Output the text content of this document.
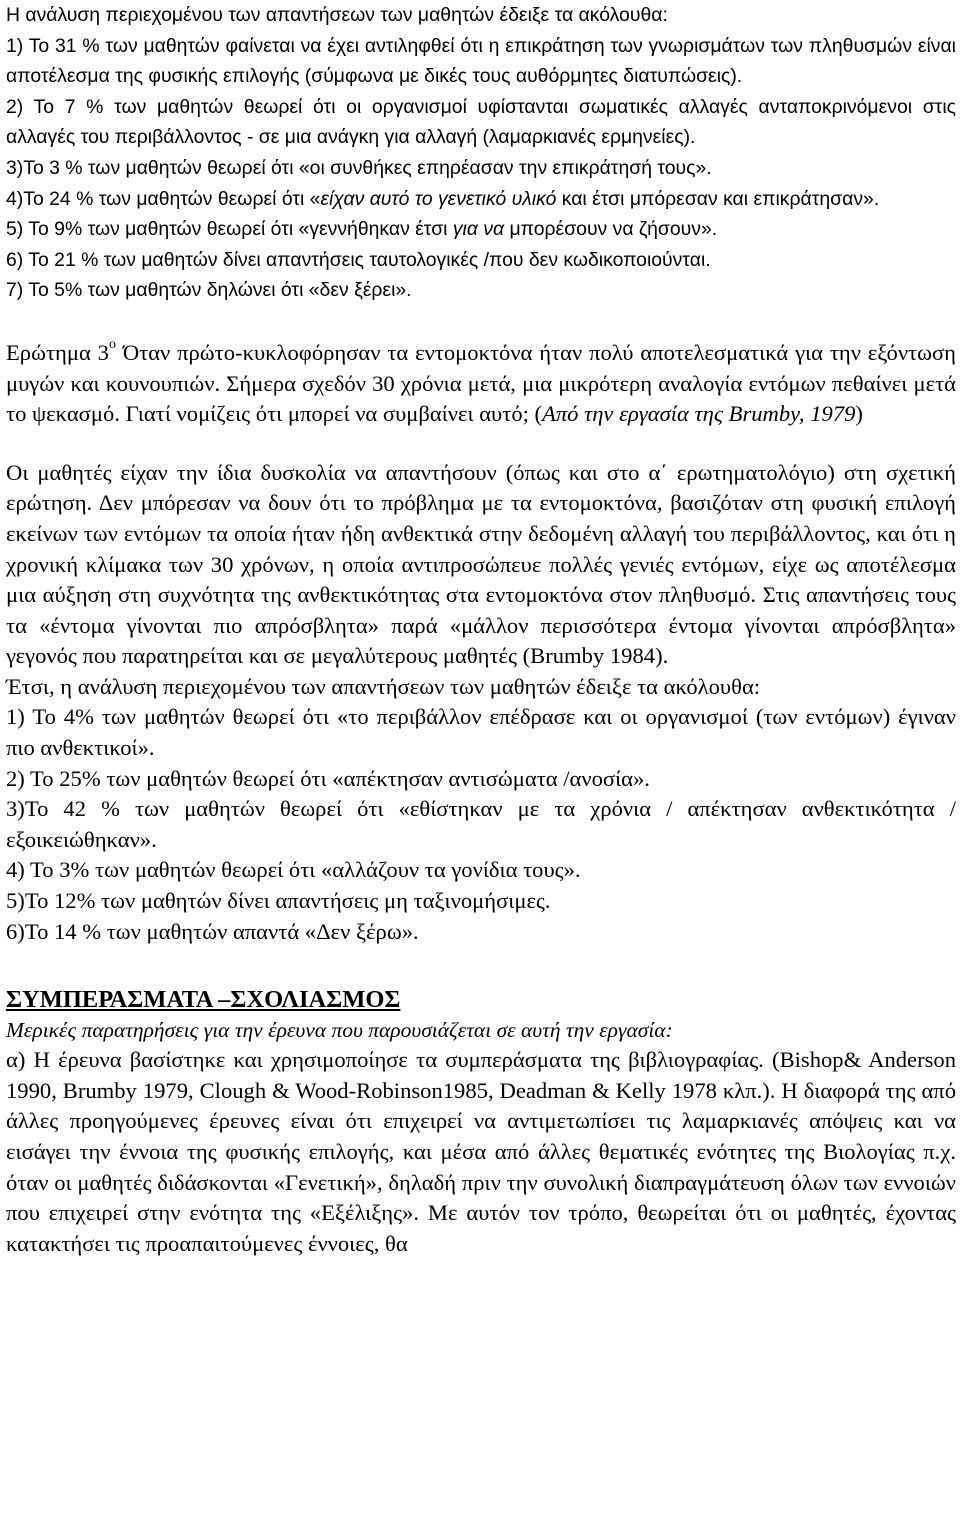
Η ανάλυση περιεχομένου των απαντήσεων των μαθητών έδειξε τα ακόλουθα:

1) Το 31 % των μαθητών φαίνεται να έχει αντιληφθεί ότι η επικράτηση των γνωρισμάτων των πληθυσμών είναι αποτέλεσμα της φυσικής επιλογής (σύμφωνα με δικές τους αυθόρμητες διατυπώσεις).

2) Το 7 % των μαθητών θεωρεί ότι οι οργανισμοί υφίστανται σωματικές αλλαγές ανταποκρινόμενοι στις αλλαγές του περιβάλλοντος - σε μια ανάγκη για αλλαγή (λαμαρκιανές ερμηνείες).

3)Το 3 % των μαθητών θεωρεί ότι «οι συνθήκες επηρέασαν την επικράτησή τους».

4)Το 24 % των μαθητών θεωρεί ότι «είχαν αυτό το γενετικό υλικό και έτσι μπόρεσαν και επικράτησαν».

5) Το 9% των μαθητών θεωρεί ότι «γεννήθηκαν έτσι για να μπορέσουν να ζήσουν».

6) Το 21 % των μαθητών δίνει απαντήσεις ταυτολογικές /που δεν κωδικοποιούνται.

7) Το 5% των μαθητών δηλώνει ότι «δεν ξέρει».

Ερώτημα $3^o$ Όταν πρώτο-κυκλοφόρησαν τα εντομοκτόνα ήταν πολύ αποτελεσματικά για την εξόντωση μυγών και κουνουπιών. Σήμερα σχεδόν 30 χρόνια μετά, μια μικρότερη αναλογία εντόμων πεθαίνει μετά το ψεκασμό. Γιατί νομίζεις ότι μπορεί να συμβαίνει αυτό; (Από την εργασία της Brumby, 1979)

Οι μαθητές είχαν την ίδια δυσκολία να απαντήσουν (όπως και στο α΄ ερωτηματολόγιο) στη σχετική ερώτηση. Δεν μπόρεσαν να δουν ότι το πρόβλημα με τα εντομοκτόνα, βασιζόταν στη φυσική επιλογή εκείνων των εντόμων τα οποία ήταν ήδη ανθεκτικά στην δεδομένη αλλαγή του περιβάλλοντος, και ότι η χρονική κλίμακα των 30 χρόνων, η οποία αντιπροσώπευε πολλές γενιές εντόμων, είχε ως αποτέλεσμα μια αύξηση στη συχνότητα της ανθεκτικότητας στα εντομοκτόνα στον πληθυσμό. Στις απαντήσεις τους τα «έντομα γίνονται πιο απρόσβλητα» παρά «μάλλον περισσότερα έντομα γίνονται απρόσβλητα» γεγονός που παρατηρείται και σε μεγαλύτερους μαθητές (Brumby 1984).

Έτσι, η ανάλυση περιεχομένου των απαντήσεων των μαθητών έδειξε τα ακόλουθα:

1) Το 4% των μαθητών θεωρεί ότι «το περιβάλλον επέδρασε και οι οργανισμοί (των εντόμων) έγιναν πιο ανθεκτικοί».

2) Το 25% των μαθητών θεωρεί ότι «απέκτησαν αντισώματα /ανοσία».

3)Το 42 % των μαθητών θεωρεί ότι «εθίστηκαν με τα χρόνια / απέκτησαν ανθεκτικότητα / εξοικειώθηκαν».

4) Το 3% των μαθητών θεωρεί ότι «αλλάζουν τα γονίδια τους».

5)Το 12% των μαθητών δίνει απαντήσεις μη ταξινομήσιμες.

6)Το 14 % των μαθητών απαντά «Δεν ξέρω».

ΣΥΜΠΕΡΑΣΜΑΤΑ –ΣΧΟΛΙΑΣΜΟΣ

Μερικές παρατηρήσεις για την έρευνα που παρουσιάζεται σε αυτή την εργασία:

α) Η έρευνα βασίστηκε και χρησιμοποίησε τα συμπεράσματα της βιβλιογραφίας. (Bishop& Anderson 1990, Brumby 1979, Clough & Wood-Robinson1985, Deadman & Kelly 1978 κλπ.). Η διαφορά της από άλλες προηγούμενες έρευνες είναι ότι επιχειρεί να αντιμετωπίσει τις λαμαρκιανές απόψεις και να εισάγει την έννοια της φυσικής επιλογής, και μέσα από άλλες θεματικές ενότητες της Βιολογίας π.χ. όταν οι μαθητές διδάσκονται «Γενετική», δηλαδή πριν την συνολική διαπραγμάτευση όλων των εννοιών που επιχειρεί στην ενότητα της «Εξέλιξης». Με αυτόν τον τρόπο, θεωρείται ότι οι μαθητές, έχοντας κατακτήσει τις προαπαιτούμενες έννοιες, θα
